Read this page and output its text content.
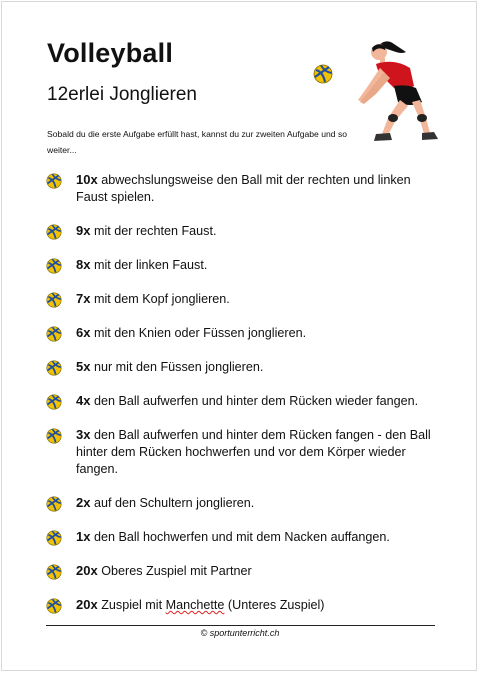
Volleyball
12erlei Jonglieren
Sobald du die erste Aufgabe erfüllt hast, kannst du zur zweiten Aufgabe und so weiter...
10x abwechslungsweise den Ball mit der rechten und linken Faust spielen.
9x mit der rechten Faust.
8x mit der linken Faust.
7x mit dem Kopf jonglieren.
6x mit den Knien oder Füssen jonglieren.
5x nur mit den Füssen jonglieren.
4x den Ball aufwerfen und hinter dem Rücken wieder fangen.
3x den Ball aufwerfen und hinter dem Rücken fangen - den Ball hinter dem Rücken hochwerfen und vor dem Körper wieder fangen.
2x auf den Schultern jonglieren.
1x den Ball hochwerfen und mit dem Nacken auffangen.
20x Oberes Zuspiel mit Partner
20x Zuspiel mit Manchette (Unteres Zuspiel)
© sportunterricht.ch
